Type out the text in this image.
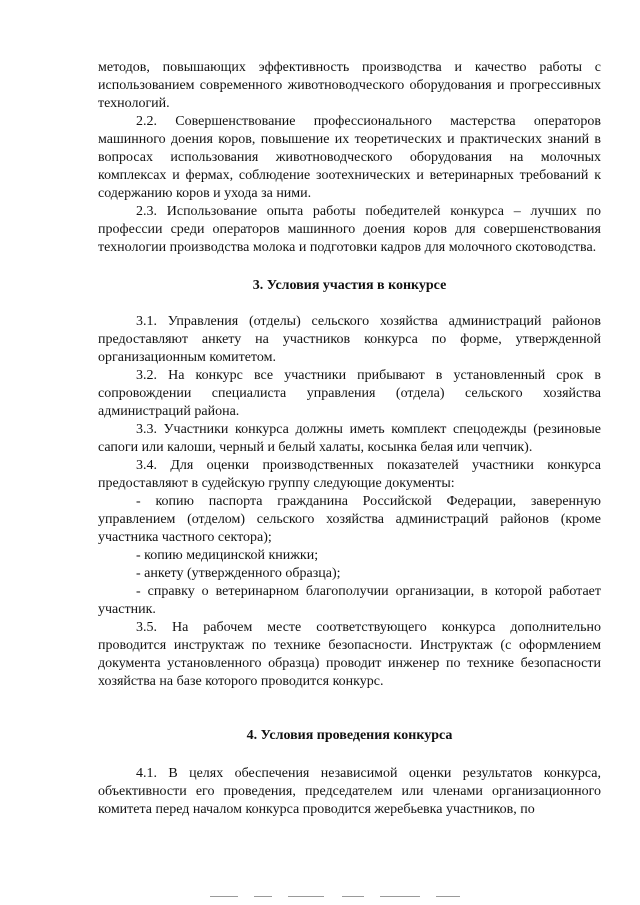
методов, повышающих эффективность производства и качество работы с использованием современного животноводческого оборудования и прогрессивных технологий.

2.2. Совершенствование профессионального мастерства операторов машинного доения коров, повышение их теоретических и практических знаний в вопросах использования животноводческого оборудования на молочных комплексах и фермах, соблюдение зоотехнических и ветеринарных требований к содержанию коров и ухода за ними.

2.3. Использование опыта работы победителей конкурса – лучших по профессии среди операторов машинного доения коров для совершенствования технологии производства молока и подготовки кадров для молочного скотоводства.

3. Условия участия в конкурсе

3.1. Управления (отделы) сельского хозяйства администраций районов предоставляют анкету на участников конкурса по форме, утвержденной организационным комитетом.

3.2. На конкурс все участники прибывают в установленный срок в сопровождении специалиста управления (отдела) сельского хозяйства администраций района.

3.3. Участники конкурса должны иметь комплект спецодежды (резиновые сапоги или калоши, черный и белый халаты, косынка белая или чепчик).

3.4. Для оценки производственных показателей участники конкурса предоставляют в судейскую группу следующие документы:

- копию паспорта гражданина Российской Федерации, заверенную управлением (отделом) сельского хозяйства администраций районов (кроме участника частного сектора);

- копию медицинской книжки;

- анкету (утвержденного образца);

- справку о ветеринарном благополучии организации, в которой работает участник.

3.5. На рабочем месте соответствующего конкурса дополнительно проводится инструктаж по технике безопасности. Инструктаж (с оформлением документа установленного образца) проводит инженер по технике безопасности хозяйства на базе которого проводится конкурс.

4. Условия проведения конкурса

4.1. В целях обеспечения независимой оценки результатов конкурса, объективности его проведения, председателем или членами организационного комитета перед началом конкурса проводится жеребьевка участников, по
